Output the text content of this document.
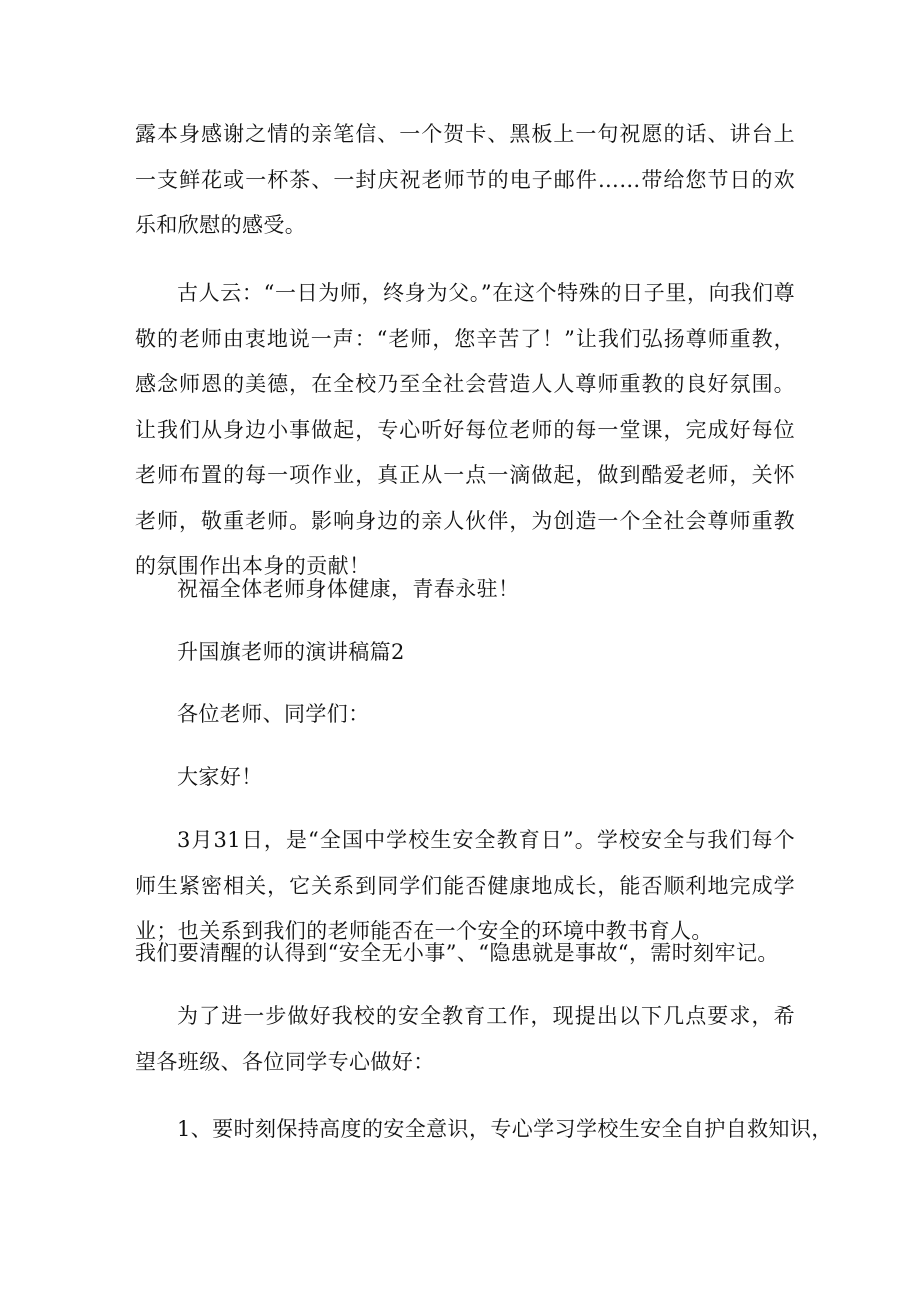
露本身感谢之情的亲笔信、一个贺卡、黑板上一句祝愿的话、讲台上一支鲜花或一杯茶、一封庆祝老师节的电子邮件……带给您节日的欢乐和欣慰的感受。

古人云：“一日为师，终身为父。”在这个特殊的日子里，向我们尊敬的老师由衷地说一声：“老师，您辛苦了！”让我们弘扬尊师重教，感念师恩的美德，在全校乃至全社会营造人人尊师重教的良好氛围。让我们从身边小事做起，专心听好每位老师的每一堂课，完成好每位老师布置的每一项作业，真正从一点一滴做起，做到酷爱老师，关怀老师，敬重老师。影响身边的亲人伙伴，为创造一个全社会尊师重教的氛围作出本身的贡献！

祝福全体老师身体健康，青春永驻！

升国旗老师的演讲稿篇2

各位老师、同学们：

大家好！

3月31日，是“全国中学校生安全教育日”。学校安全与我们每个师生紧密相关，它关系到同学们能否健康地成长，能否顺利地完成学业；也关系到我们的老师能否在一个安全的环境中教书育人。

我们要清醒的认得到“安全无小事”、“隐患就是事故“，需时刻牢记。

为了进一步做好我校的安全教育工作，现提出以下几点要求，希望各班级、各位同学专心做好：

1、要时刻保持高度的安全意识，专心学习学校生安全自护自救知识，
